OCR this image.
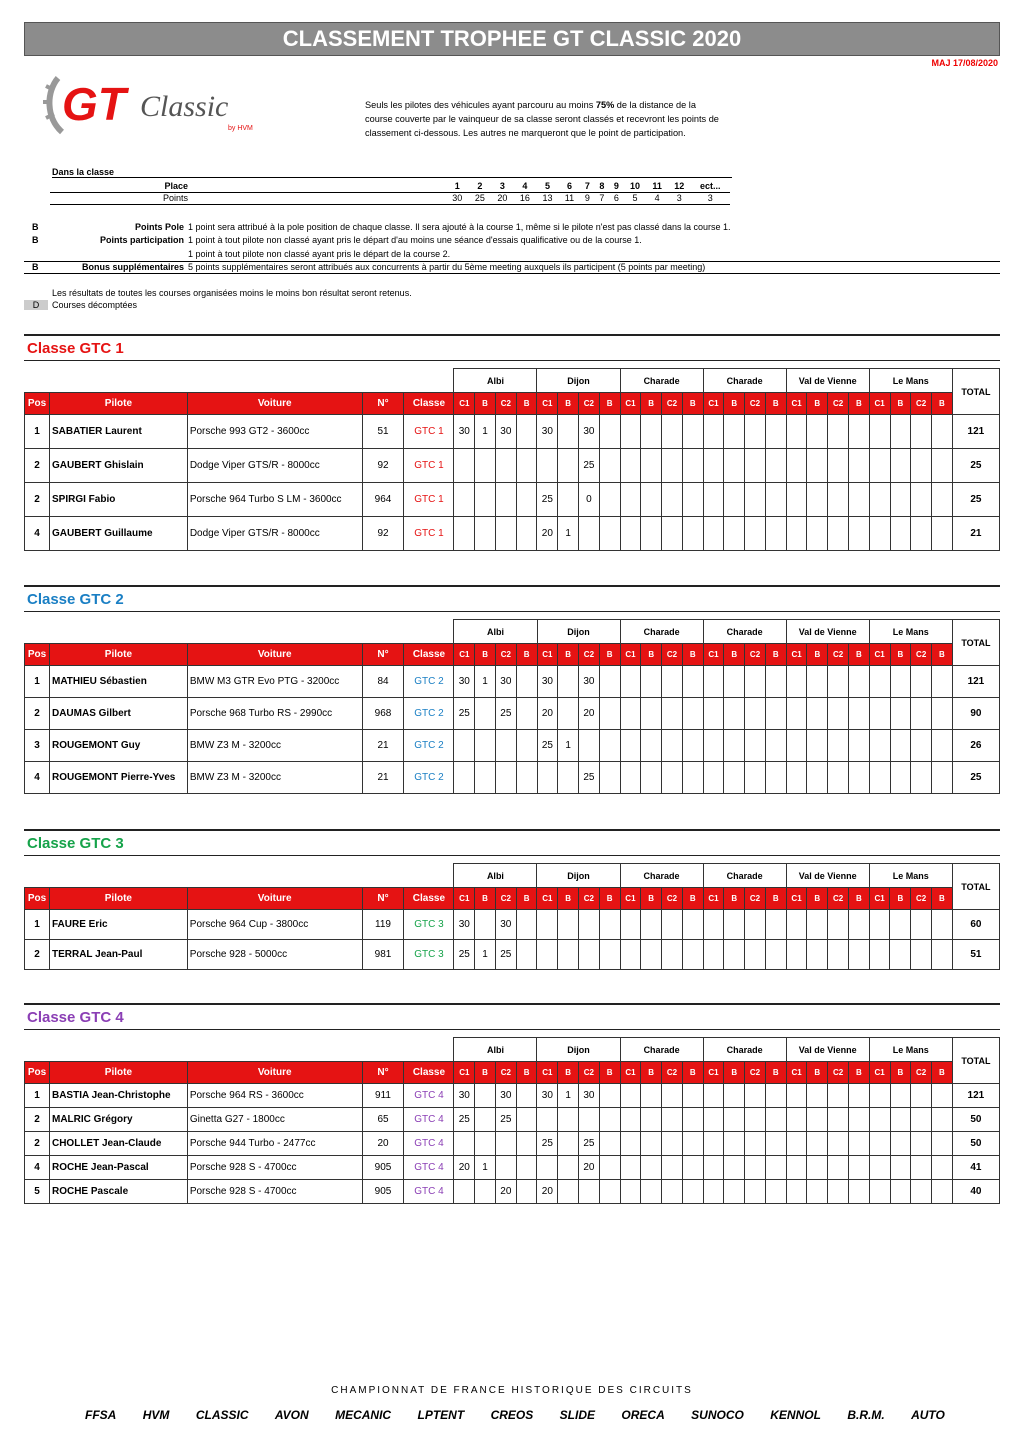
CLASSEMENT TROPHEE GT CLASSIC 2020
MAJ 17/08/2020
GT Classic
by HVM
Seuls les pilotes des véhicules ayant parcouru au moins 75% de la distance de la course couverte par le vainqueur de sa classe seront classés et recevront les points de classement ci-dessous. Les autres ne marqueront que le point de participation.
Dans la classe
Place		1	2	3	4	5	6	7	8	9	10	11	12	ect...
Points		30	25	20	16	13	11	9	7	6	5	4	3	3
B	Points Pole 1 point sera attribué à la pole position de chaque classe. Il sera ajouté à la course 1, même si le pilote n'est pas classé dans la course 1.
B	Points participation 1 point à tout pilote non classé ayant pris le départ d'au moins une séance d'essais qualificative ou de la course 1.
1 point à tout pilote non classé ayant pris le départ de la course 2.
B	Bonus supplémentaires 5 points supplémentaires seront attribués aux concurrents à partir du 5ème meeting auxquels ils participent (5 points par meeting)
Les résultats de toutes les courses organisées moins le moins bon résultat seront retenus.
D	Courses décomptées
Classe GTC 1
					Albi				Dijon				Charade				Charade				Val de Vienne				Le Mans				TOTAL
Pos	Pilote	Voiture	N°	Classe	C1	B	C2	B	C1	B	C2	B	C1	B	C2	B	C1	B	C2	B	C1	B	C2	B	C1	B	C2	B	
1	SABATIER Laurent	Porsche 993 GT2 - 3600cc	51	GTC 1	30	1	30		30		30																		121
2	GAUBERT Ghislain	Dodge Viper GTS/R - 8000cc	92	GTC 1							25																		25
2	SPIRGI Fabio	Porsche 964 Turbo S LM - 3600cc	964	GTC 1					25		0																		25
4	GAUBERT Guillaume	Dodge Viper GTS/R - 8000cc	92	GTC 1					20	1																			21
Classe GTC 2
					Albi				Dijon				Charade				Charade				Val de Vienne				Le Mans				TOTAL
Pos	Pilote	Voiture	N°	Classe	C1	B	C2	B	C1	B	C2	B	C1	B	C2	B	C1	B	C2	B	C1	B	C2	B	C1	B	C2	B	
1	MATHIEU Sébastien	BMW M3 GTR Evo PTG - 3200cc	84	GTC 2	30	1	30		30		30																		121
2	DAUMAS Gilbert	Porsche 968 Turbo RS - 2990cc	968	GTC 2	25		25		20		20																		90
3	ROUGEMONT Guy	BMW Z3 M - 3200cc	21	GTC 2					25	1																			26
4	ROUGEMONT Pierre-Yves	BMW Z3 M - 3200cc	21	GTC 2							25																		25
Classe GTC 3
					Albi				Dijon				Charade				Charade				Val de Vienne				Le Mans				TOTAL
Pos	Pilote	Voiture	N°	Classe	C1	B	C2	B	C1	B	C2	B	C1	B	C2	B	C1	B	C2	B	C1	B	C2	B	C1	B	C2	B	
1	FAURE Eric	Porsche 964 Cup - 3800cc	119	GTC 3	30		30																						60
2	TERRAL Jean-Paul	Porsche 928 - 5000cc	981	GTC 3	25	1	25																						51
Classe GTC 4
					Albi				Dijon				Charade				Charade				Val de Vienne				Le Mans				TOTAL
Pos	Pilote	Voiture	N°	Classe	C1	B	C2	B	C1	B	C2	B	C1	B	C2	B	C1	B	C2	B	C1	B	C2	B	C1	B	C2	B	
1	BASTIA Jean-Christophe	Porsche 964 RS - 3600cc	911	GTC 4	30		30		30	1	30																		121
2	MALRIC Grégory	Ginetta G27 - 1800cc	65	GTC 4	25		25																						50
2	CHOLLET Jean-Claude	Porsche 944 Turbo - 2477cc	20	GTC 4					25		25																		50
4	ROCHE Jean-Pascal	Porsche 928 S - 4700cc	905	GTC 4	20	1					20																		41
5	ROCHE Pascale	Porsche 928 S - 4700cc	905	GTC 4			20		20																				40
CHAMPIONNAT DE FRANCE HISTORIQUE DES CIRCUITS
FFSA HVM CLASSIC AVON MECANIC LPTENT CREOS SLIDE ORECA SUNOCO KENNOL B.R.M. AUTO
